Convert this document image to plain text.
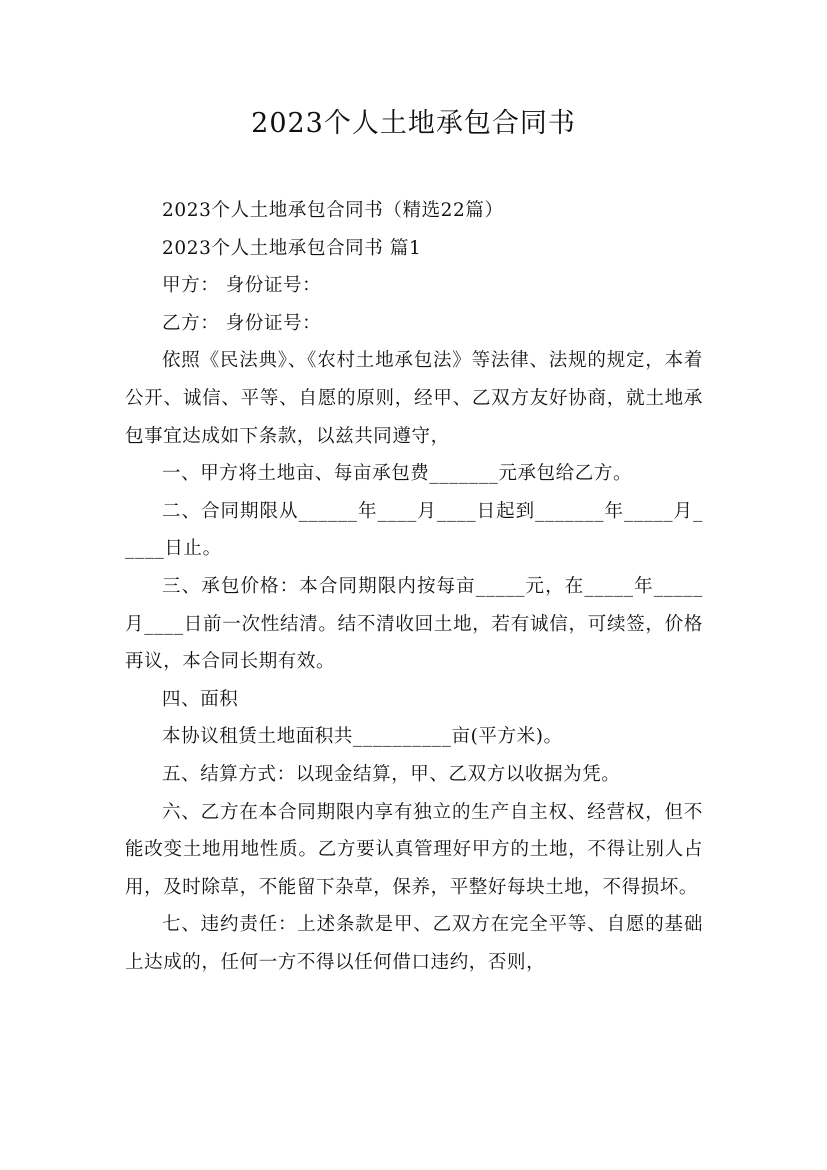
2023个人土地承包合同书

2023个人土地承包合同书（精选22篇）

2023个人土地承包合同书 篇1

甲方： 身份证号：

乙方： 身份证号：

依照《民法典》、《农村土地承包法》等法律、法规的规定，本着公开、诚信、平等、自愿的原则，经甲、乙双方友好协商，就土地承包事宜达成如下条款，以兹共同遵守，

一、甲方将土地亩、每亩承包费_______元承包给乙方。

二、合同期限从______年____月____日起到_______年_____月_____日止。

三、承包价格：本合同期限内按每亩_____元，在_____年_____月____日前一次性结清。结不清收回土地，若有诚信，可续签，价格再议，本合同长期有效。

四、面积

本协议租赁土地面积共__________亩(平方米)。

五、结算方式：以现金结算，甲、乙双方以收据为凭。

六、乙方在本合同期限内享有独立的生产自主权、经营权，但不能改变土地用地性质。乙方要认真管理好甲方的土地，不得让别人占用，及时除草，不能留下杂草，保养，平整好每块土地，不得损坏。

七、违约责任：上述条款是甲、乙双方在完全平等、自愿的基础上达成的，任何一方不得以任何借口违约，否则，
